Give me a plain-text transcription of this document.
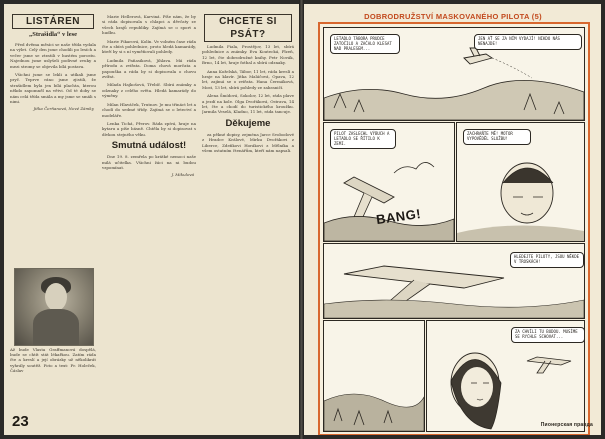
LISTÁREN
„Strašidla“ v lese

Před dvěma měsíci se naše třída vydala na výlet. Celý den jsme chodili po lesích a večer jsme se ztratili v hustém porostu. Najednou jsme uslyšeli podivné zvuky a mezi stromy se objevila bílá postava.

Všichni jsme se lekli a utíkali jsme pryč. Teprve ráno jsme zjistili, že strašidlem byla jen bílá plachta, kterou někdo zapomněl na větvi. Od té doby se nám celá třída smála a my jsme se smáli s nimi.

Jitka Čerňanová, Nové Zámky
Až bude Vlasta Graffmanová dospělá, bude se chtít stát lékařkou. Zatím ráda čte a kreslí a její obrázky už několikrát vyhrály soutěž. Foto a text: Fr. Holeček, Čáslav

Marie Hellerová, Karviná. Píše nám, že by si ráda dopisovala s chlapci a děvčaty ze všech krajů republiky. Zajímá se o sport a hudbu.

Marie Fikarová, Kolín. Ve volném čase ráda čte a sbírá pohlednice, proto hledá kamarády, kteří by si s ní vyměňovali pohledy.

Ludmila Paňasiková, Jihlava. Má ráda přírodu a zvířata. Doma chová morčata a papouška a ráda by si dopisovala o chovu zvířat.

Milada Hajkošová, Třebíč. Sbírá známky a odznaky z celého světa. Hledá kamarády do výměny.

Milan Hlaváček, Trutnov. Je mu třináct let a chodí do sedmé třídy. Zajímá se o letectví a modeláře.

Lenka Tichá, Přerov. Ráda zpívá, hraje na kytaru a píše básně. Chtěla by si dopisovat s dívkou stejného věku.

Smutná událost!

Dne 19. 8. zemřela po krátké nemoci naše milá učitelka. Všichni žáci na ni budou vzpomínat.

J. Mikulová
CHCETE SI PSÁT?

Ludmila Fiala, Prostějov, 13 let, sbírá pohlednice a známky. Eva Koutecká, Plzeň, 12 let, čte dobrodružné knihy. Petr Novák, Brno, 14 let, hraje fotbal a sbírá odznaky.

Anna Koželská, Tábor, 11 let, ráda kreslí a hraje na klavír. Jitka Maláčová, Opava, 12 let, zajímá se o zvířata. Hana Čermáková, Most, 13 let, sbírá pohledy ze zahraničí.

Alena Šmídová, Sokolov, 12 let, ráda plave a jezdí na kole. Olga Dvořáková, Ostrava, 14 let, čte a chodí do turistického kroužku. Jarmila Veselá, Kladno, 11 let, ráda tancuje.

Děkujeme

za pěkné dopisy, zejména Jarce Svobodové z Hradce Králové, Mirku Dvořákovi z Liberce, Zdeňkovi Horákovi z Mělníka a všem ostatním čtenářům, kteří nám napsali.

23
DOBRODRUŽSTVÍ MASKOVANÉHO PILOTA (5)
LETADLO TÁBORA PRUDCE ZATOČILO A ZAČALO KLESAT NAD PRALESEM...
JEN AŤ SE ZA NÍM VYDAJÍ! NIKDO NÁS NENAJDE!
PILOT ZASLECHL VÝBUCH A LETADLO SE ŘÍTILO K ZEMI.
BANG!
ZACHRAŇTE MĚ! MOTOR VYPOVĚDĚL SLUŽBU!
HLEDEJTE PILOTY, JSOU NĚKDE V TROSKÁCH!
ZA CHVÍLI TU BUDOU. MUSÍME SE RYCHLE SCHOVAT...
Пионерская правда
